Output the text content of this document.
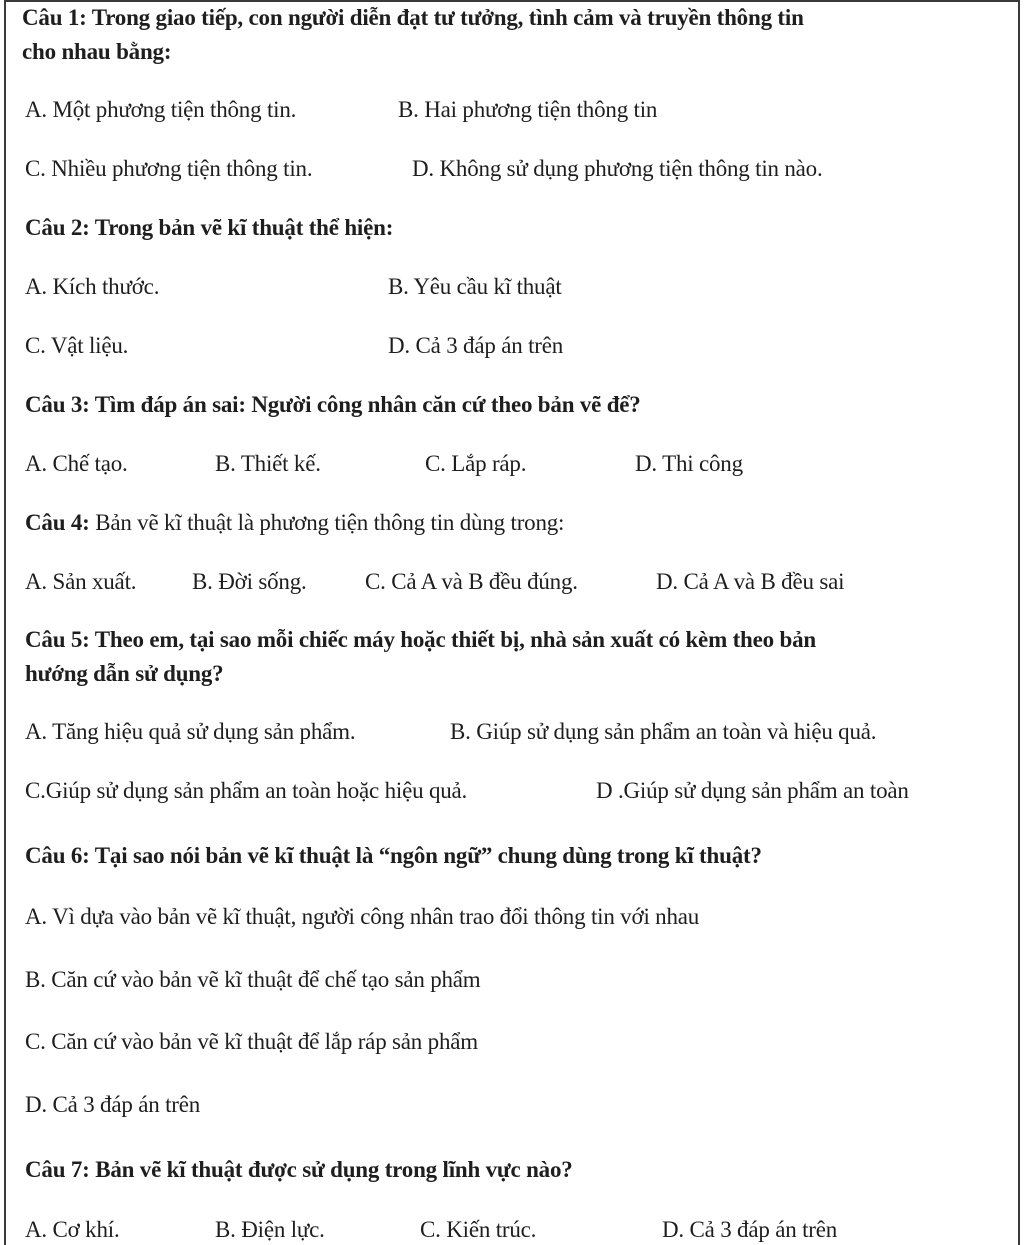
Câu 1: Trong giao tiếp, con người diễn đạt tư tưởng, tình cảm và truyền thông tin
cho nhau bằng:
A. Một phương tiện thông tin.	B. Hai phương tiện thông tin
C. Nhiều phương tiện thông tin.	D. Không sử dụng phương tiện thông tin nào.
Câu 2: Trong bản vẽ kĩ thuật thể hiện:
A. Kích thước.	B. Yêu cầu kĩ thuật
C. Vật liệu.	D. Cả 3 đáp án trên
Câu 3: Tìm đáp án sai: Người công nhân căn cứ theo bản vẽ để?
A. Chế tạo.	B. Thiết kế.	C. Lắp ráp.	D. Thi công
Câu 4: Bản vẽ kĩ thuật là phương tiện thông tin dùng trong:
A. Sản xuất. B. Đời sống.	C. Cả A và B đều đúng.	D. Cả A và B đều sai
Câu 5: Theo em, tại sao mỗi chiếc máy hoặc thiết bị, nhà sản xuất có kèm theo bản
hướng dẫn sử dụng?
A. Tăng hiệu quả sử dụng sản phẩm.	B. Giúp sử dụng sản phẩm an toàn và hiệu quả.
C.Giúp sử dụng sản phẩm an toàn hoặc hiệu quả.	D .Giúp sử dụng sản phẩm an toàn
Câu 6: Tại sao nói bản vẽ kĩ thuật là “ngôn ngữ” chung dùng trong kĩ thuật?
A. Vì dựa vào bản vẽ kĩ thuật, người công nhân trao đổi thông tin với nhau
B. Căn cứ vào bản vẽ kĩ thuật để chế tạo sản phẩm
C. Căn cứ vào bản vẽ kĩ thuật để lắp ráp sản phẩm
D. Cả 3 đáp án trên
Câu 7: Bản vẽ kĩ thuật được sử dụng trong lĩnh vực nào?
A. Cơ khí.	B. Điện lực.	C. Kiến trúc.	D. Cả 3 đáp án trên
